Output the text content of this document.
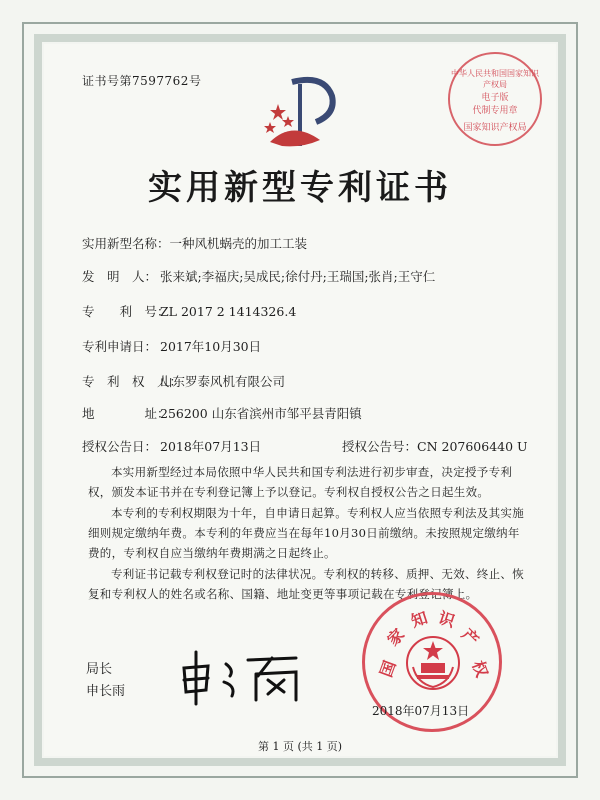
证书号第7597762号
中华人民共和国国家知识产权局
电子版
代制专用章
国家知识产权局
实用新型专利证书
实用新型名称：一种风机蜗壳的加工工装
发　明　人： 张来斌;李福庆;吴成民;徐付丹;王瑞国;张肖;王守仁
专　　利　号：ZL 2017 2 1414326.4
专利申请日： 2017年10月30日
专　利　权　人：山东罗泰风机有限公司
地　　　　址：256200 山东省滨州市邹平县青阳镇
授权公告日： 2018年07月13日	授权公告号：CN 207606440 U
本实用新型经过本局依照中华人民共和国专利法进行初步审查，决定授予专利权，颁发本证书并在专利登记簿上予以登记。专利权自授权公告之日起生效。
本专利的专利权期限为十年，自申请日起算。专利权人应当依照专利法及其实施细则规定缴纳年费。本专利的年费应当在每年10月30日前缴纳。未按照规定缴纳年费的，专利权自应当缴纳年费期满之日起终止。
专利证书记载专利权登记时的法律状况。专利权的转移、质押、无效、终止、恢复和专利权人的姓名或名称、国籍、地址变更等事项记载在专利登记簿上。
局长
申长雨
国
家
知 识
产
权
2018年07月13日
第 1 页 (共 1 页)
